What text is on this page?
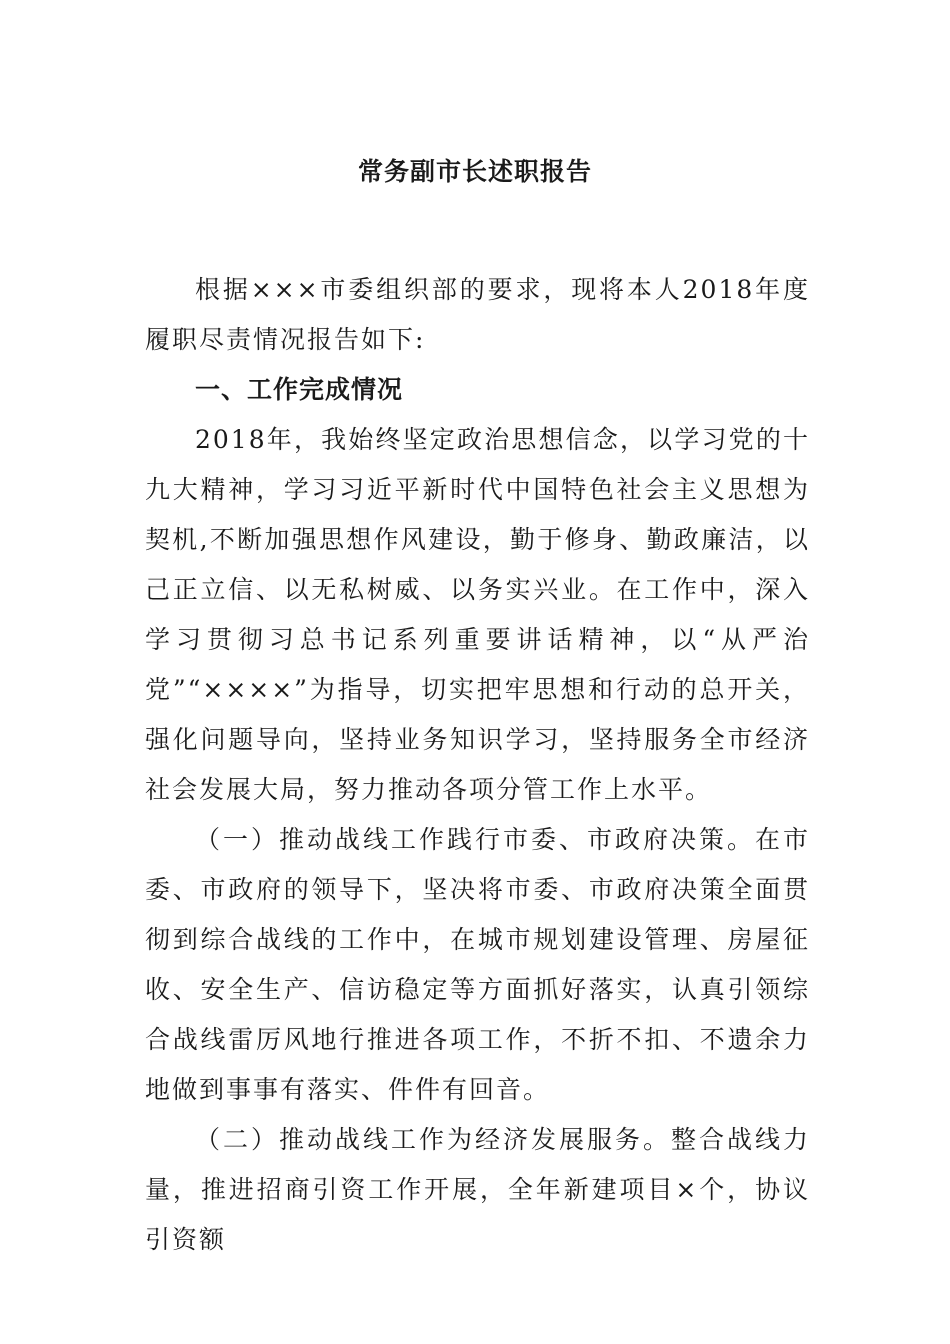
常务副市长述职报告

根据×××市委组织部的要求，现将本人2018年度履职尽责情况报告如下:

一、工作完成情况

2018年，我始终坚定政治思想信念，以学习党的十九大精神，学习习近平新时代中国特色社会主义思想为契机,不断加强思想作风建设，勤于修身、勤政廉洁，以己正立信、以无私树威、以务实兴业。在工作中，深入学习贯彻习总书记系列重要讲话精神，以“从严治党”“××××”为指导，切实把牢思想和行动的总开关，强化问题导向，坚持业务知识学习，坚持服务全市经济社会发展大局，努力推动各项分管工作上水平。

（一）推动战线工作践行市委、市政府决策。在市委、市政府的领导下，坚决将市委、市政府决策全面贯彻到综合战线的工作中，在城市规划建设管理、房屋征收、安全生产、信访稳定等方面抓好落实，认真引领综合战线雷厉风地行推进各项工作，不折不扣、不遗余力地做到事事有落实、件件有回音。

（二）推动战线工作为经济发展服务。整合战线力量，推进招商引资工作开展，全年新建项目×个，协议引资额
